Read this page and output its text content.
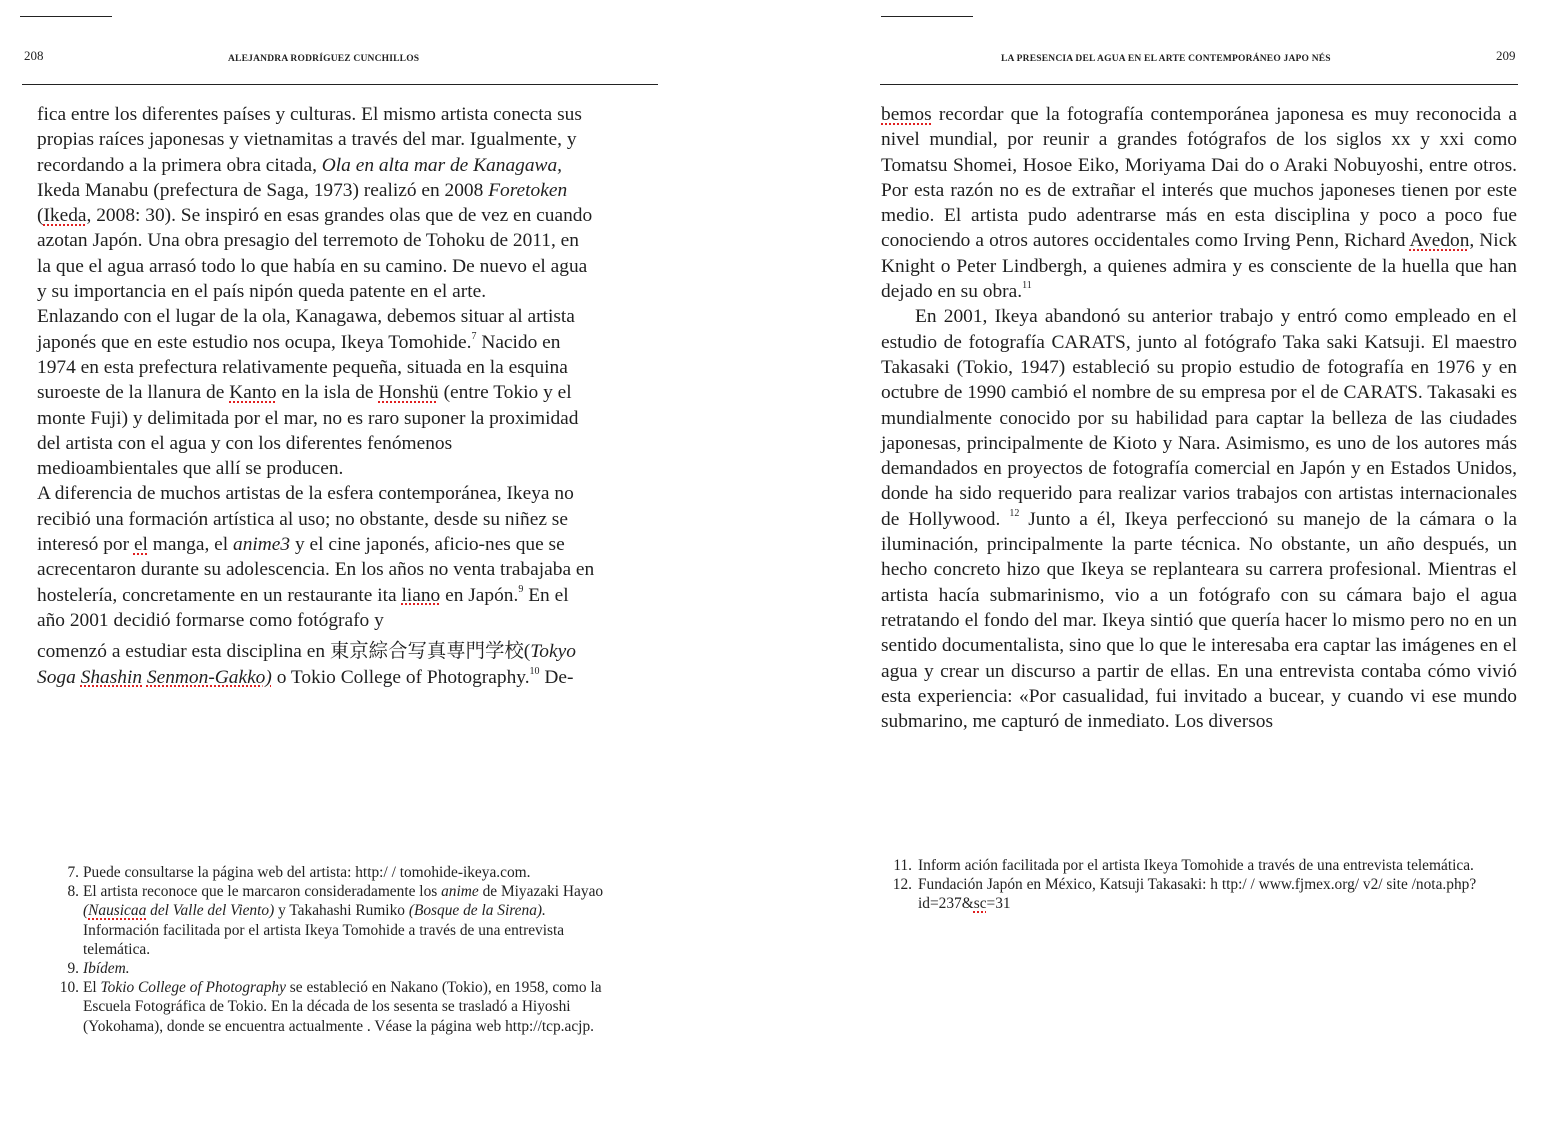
208	ALEJANDRA RODRÍGUEZ CUNCHILLOS

fica entre los diferentes países y culturas. El mismo artista conecta sus propias raíces japonesas y vietnamitas a través del mar. Igualmente, y recordando a la primera obra citada, Ola en alta mar de Kanagawa, Ikeda Manabu (prefectura de Saga, 1973) realizó en 2008 Foretoken (Ikeda, 2008: 30). Se inspiró en esas grandes olas que de vez en cuando azotan Japón. Una obra presagio del terremoto de Tohoku de 2011, en la que el agua arrasó todo lo que había en su camino. De nuevo el agua y su importancia en el país nipón queda patente en el arte.

Enlazando con el lugar de la ola, Kanagawa, debemos situar al artista japonés que en este estudio nos ocupa, Ikeya Tomohide.$^7$ Nacido en 1974 en esta prefectura relativamente pequeña, situada en la esquina suroeste de la llanura de Kanto en la isla de Honshü (entre Tokio y el monte Fuji) y delimitada por el mar, no es raro suponer la proximidad del artista con el agua y con los diferentes fenómenos medioambientales que allí se producen.

A diferencia de muchos artistas de la esfera contemporánea, Ikeya no recibió una formación artística al uso; no obstante, desde su niñez se interesó por el manga, el anime3 y el cine japonés, aficio-nes que se acrecentaron durante su adolescencia. En los años no venta trabajaba en hostelería, concretamente en un restaurante ita liano en Japón.$^9$ En el año 2001 decidió formarse como fotógrafo y

comenzó a estudiar esta disciplina en 東京綜合写真専門学校(Tokyo Soga Shashin Senmon-Gakko) o Tokio College of Photography.$^{10}$ De-

7. Puede consultarse la página web del artista: http:/ / tomohide-ikeya.com.
8. El artista reconoce que le marcaron consideradamente los anime de Miyazaki Hayao (Nausicaa del Valle del Viento) y Takahashi Rumiko (Bosque de la Sirena). Información facilitada por el artista Ikeya Tomohide a través de una entrevista telemática.
9. Ibídem.
10. El Tokio College of Photography se estableció en Nakano (Tokio), en 1958, como la Escuela Fotográfica de Tokio. En la década de los sesenta se trasladó a Hiyoshi (Yokohama), donde se encuentra actualmente . Véase la página web http://tcp.acjp.
209
LA PRESENCIA DEL AGUA EN EL ARTE CONTEMPORÁNEO JAPO NÉS

bemos recordar que la fotografía contemporánea japonesa es muy reconocida a nivel mundial, por reunir a grandes fotógrafos de los siglos xx y xxi como Tomatsu Shomei, Hosoe Eiko, Moriyama Dai do o Araki Nobuyoshi, entre otros. Por esta razón no es de extrañar el interés que muchos japoneses tienen por este medio. El artista pudo adentrarse más en esta disciplina y poco a poco fue conociendo a otros autores occidentales como Irving Penn, Richard Avedon, Nick Knight o Peter Lindbergh, a quienes admira y es consciente de la huella que han dejado en su obra.$^{11}$

En 2001, Ikeya abandonó su anterior trabajo y entró como empleado en el estudio de fotografía CARATS, junto al fotógrafo Taka saki Katsuji. El maestro Takasaki (Tokio, 1947) estableció su propio estudio de fotografía en 1976 y en octubre de 1990 cambió el nombre de su empresa por el de CARATS. Takasaki es mundialmente conocido por su habilidad para captar la belleza de las ciudades japonesas, principalmente de Kioto y Nara. Asimismo, es uno de los autores más demandados en proyectos de fotografía comercial en Japón y en Estados Unidos, donde ha sido requerido para realizar varios trabajos con artistas internacionales de Hollywood. $^{12}$ Junto a él, Ikeya perfeccionó su manejo de la cámara o la iluminación, principalmente la parte técnica. No obstante, un año después, un hecho concreto hizo que Ikeya se replanteara su carrera profesional. Mientras el artista hacía submarinismo, vio a un fotógrafo con su cámara bajo el agua retratando el fondo del mar. Ikeya sintió que quería hacer lo mismo pero no en un sentido documentalista, sino que lo que le interesaba era captar las imágenes en el agua y crear un discurso a partir de ellas. En una entrevista contaba cómo vivió esta experiencia: «Por casualidad, fui invitado a bucear, y cuando vi ese mundo submarino, me capturó de inmediato. Los diversos

11. Inform ación facilitada por el artista Ikeya Tomohide a través de una entrevista telemática.
12. Fundación Japón en México, Katsuji Takasaki: h ttp:/ / www.fjmex.org/ v2/ site /nota.php?id=237&sc=31
